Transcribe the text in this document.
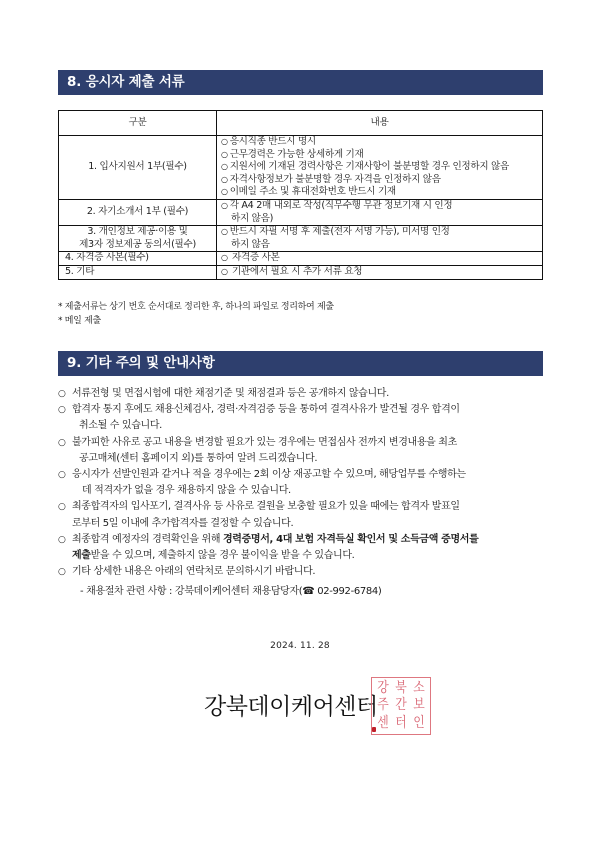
8. 응시자 제출 서류
구분	내용
1. 입사지원서 1부(필수)	○ 응시직종 반드시 명시
○ 근무경력은 가능한 상세하게 기재
○ 지원서에 기재된 경력사항은 기재사항이 불분명할 경우 인정하지 않음
○ 자격사항정보가 불분명할 경우 자격을 인정하지 않음
○ 이메일 주소 및 휴대전화번호 반드시 기재

2. 자기소개서 1부 (필수)	○ 각 A4 2매 내외로 작성(직무수행 무관 정보기재 시 인정
하지 않음)

3. 개인정보 제공·이용 및
제3자 정보제공 동의서(필수)	○ 반드시 자필 서명 후 제출(전자 서명 가능), 미서명 인정
하지 않음

4. 자격증 사본(필수)	○ 자격증 사본

5. 기타	○ 기관에서 필요 시 추가 서류 요청
* 제출서류는 상기 번호 순서대로 정리한 후, 하나의 파일로 정리하여 제출
* 메일 제출
9. 기타 주의 및 안내사항
○ 서류전형 및 면접시험에 대한 채점기준 및 채점결과 등은 공개하지 않습니다.
○ 합격자 통지 후에도 채용신체검사, 경력·자격검증 등을 통하여 결격사유가 발견될 경우 합격이
취소될 수 있습니다.
○ 불가피한 사유로 공고 내용을 변경할 필요가 있는 경우에는 면접심사 전까지 변경내용을 최초
공고매체(센터 홈페이지 외)를 통하여 알려 드리겠습니다.
○ 응시자가 선발인원과 같거나 적을 경우에는 2회 이상 재공고할 수 있으며, 해당업무를 수행하는
데 적격자가 없을 경우 채용하지 않을 수 있습니다.
○ 최종합격자의 입사포기, 결격사유 등 사유로 결원을 보충할 필요가 있을 때에는 합격자 발표일
로부터 5일 이내에 추가합격자를 결정할 수 있습니다.
○ 최종합격 예정자의 경력확인을 위해 경력증명서, 4대 보험 자격득실 확인서 및 소득금액 증명서를
제출받을 수 있으며, 제출하지 않을 경우 불이익을 받을 수 있습니다.
○ 기타 상세한 내용은 아래의 연락처로 문의하시기 바랍니다.
- 채용절차 관련 사항 : 강북데이케어센터 채용담당자(☎ 02-992-6784)
2024. 11. 28
강북데이케어센터
강 북 소
주 간 보
센 터 인
